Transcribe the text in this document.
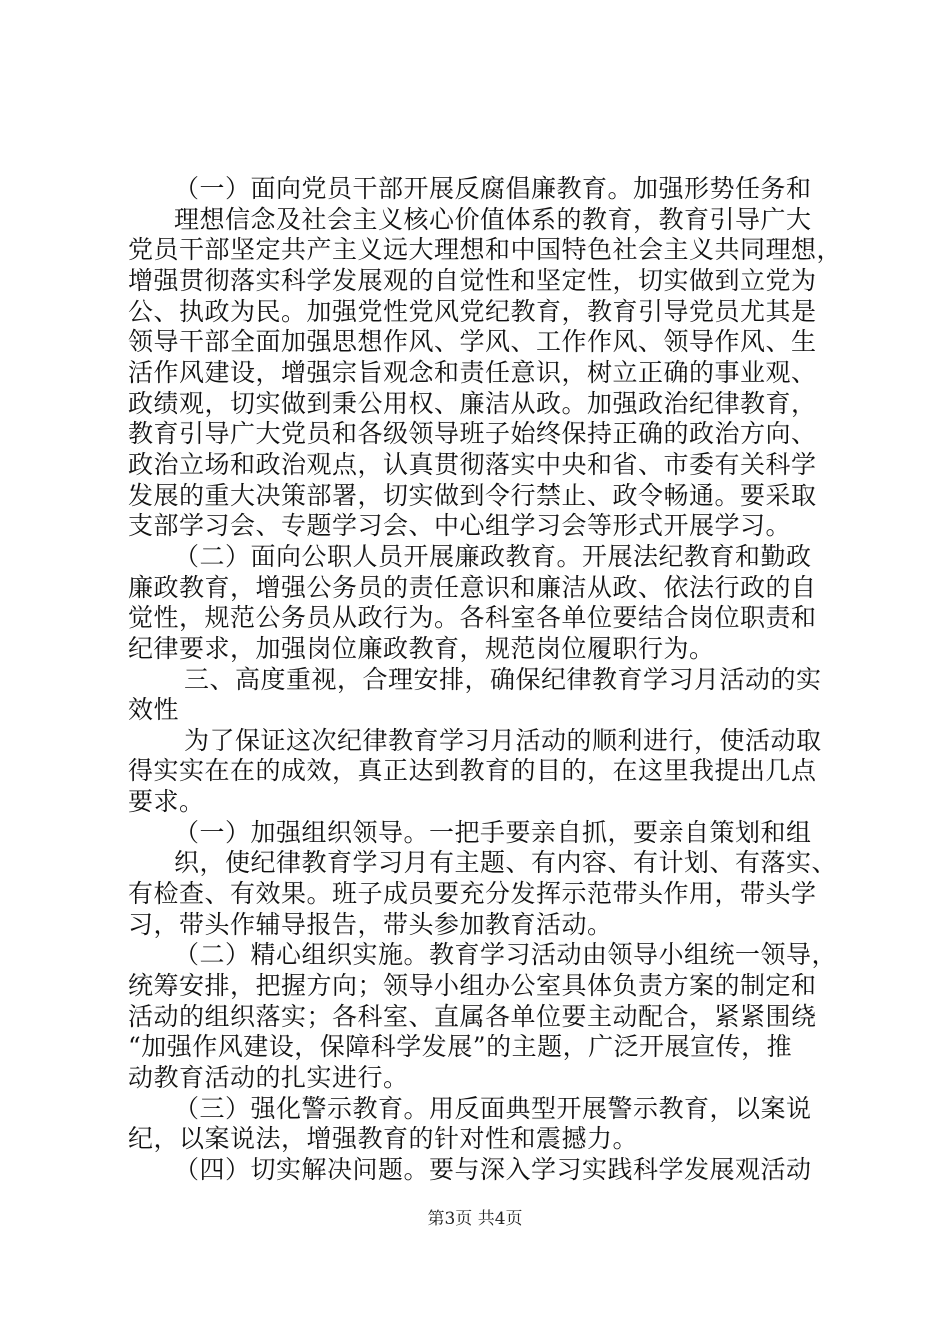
（一）面向党员干部开展反腐倡廉教育。加强形势任务和
理想信念及社会主义核心价值体系的教育，教育引导广大
党员干部坚定共产主义远大理想和中国特色社会主义共同理想，
增强贯彻落实科学发展观的自觉性和坚定性，切实做到立党为
公、执政为民。加强党性党风党纪教育，教育引导党员尤其是
领导干部全面加强思想作风、学风、工作作风、领导作风、生
活作风建设，增强宗旨观念和责任意识，树立正确的事业观、
政绩观，切实做到秉公用权、廉洁从政。加强政治纪律教育，
教育引导广大党员和各级领导班子始终保持正确的政治方向、
政治立场和政治观点，认真贯彻落实中央和省、市委有关科学
发展的重大决策部署，切实做到令行禁止、政令畅通。要采取
支部学习会、专题学习会、中心组学习会等形式开展学习。
（二）面向公职人员开展廉政教育。开展法纪教育和勤政
廉政教育，增强公务员的责任意识和廉洁从政、依法行政的自
觉性，规范公务员从政行为。各科室各单位要结合岗位职责和
纪律要求，加强岗位廉政教育，规范岗位履职行为。
三、高度重视，合理安排，确保纪律教育学习月活动的实
效性
为了保证这次纪律教育学习月活动的顺利进行，使活动取
得实实在在的成效，真正达到教育的目的，在这里我提出几点
要求。
（一）加强组织领导。一把手要亲自抓，要亲自策划和组
织，使纪律教育学习月有主题、有内容、有计划、有落实、
有检查、有效果。班子成员要充分发挥示范带头作用，带头学
习，带头作辅导报告，带头参加教育活动。
（二）精心组织实施。教育学习活动由领导小组统一领导，
统筹安排，把握方向；领导小组办公室具体负责方案的制定和
活动的组织落实；各科室、直属各单位要主动配合，紧紧围绕
“加强作风建设，保障科学发展”的主题，广泛开展宣传，推
动教育活动的扎实进行。
（三）强化警示教育。用反面典型开展警示教育，以案说
纪，以案说法，增强教育的针对性和震撼力。
（四）切实解决问题。要与深入学习实践科学发展观活动
第3页 共4页
